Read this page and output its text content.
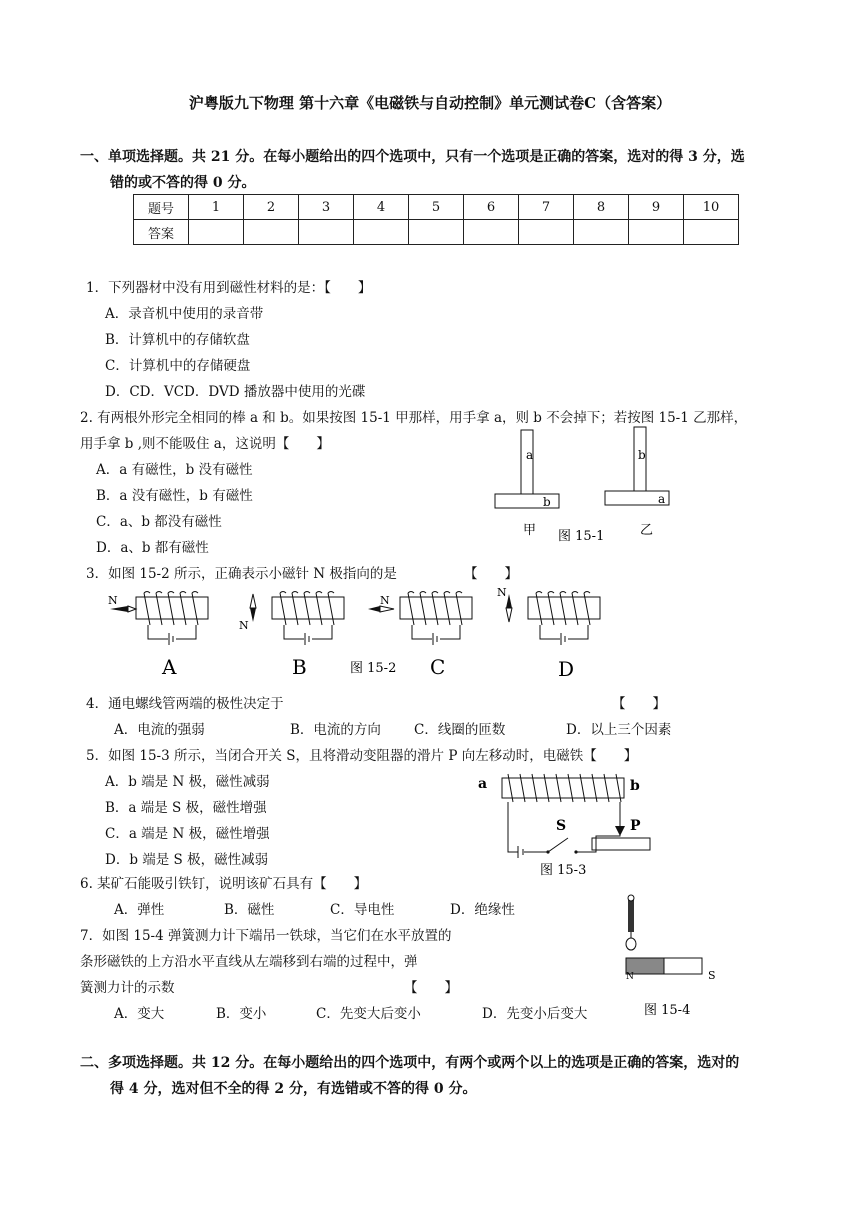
沪粤版九下物理 第十六章《电磁铁与自动控制》单元测试卷C（含答案）
一、单项选择题。共 21 分。在每小题给出的四个选项中，只有一个选项是正确的答案，选对的得 3 分，选
错的或不答的得 0 分。
题号	1	2	3	4	5	6	7	8	9	10
答案										
1．下列器材中没有用到磁性材料的是：【　　】
A．录音机中使用的录音带
B．计算机中的存储软盘
C．计算机中的存储硬盘
D．CD．VCD．DVD 播放器中使用的光碟
2. 有两根外形完全相同的棒 a 和 b。如果按图 15-1 甲那样，用手拿 a，则 b 不会掉下；若按图 15-1 乙那样，
用手拿 b ,则不能吸住 a，这说明【　　】
A．a 有磁性，b 没有磁性
B．a 没有磁性，b 有磁性
C．a、b 都没有磁性
D．a、b 都有磁性
a
b
b
a
甲	乙
图 15-1
3．如图 15-2 所示，正确表示小磁针 N 极指向的是	【　　】
N
N
N
N
A	B	图 15-2 C	D
4．通电螺线管两端的极性决定于	【　　】
A．电流的强弱	B．电流的方向 C．线圈的匝数	D．以上三个因素
5．如图 15-3 所示，当闭合开关 S，且将滑动变阻器的滑片 P 向左移动时，电磁铁【　　】
A．b 端是 N 极，磁性减弱
B．a 端是 S 极，磁性增强
C．a 端是 N 极，磁性增强
D．b 端是 S 极，磁性减弱
a	b
S	P
图 15-3
6. 某矿石能吸引铁钉，说明该矿石具有【　　】
A．弹性	B．磁性	C．导电性	D．绝缘性
7．如图 15-4 弹簧测力计下端吊一铁球，当它们在水平放置的
条形磁铁的上方沿水平直线从左端移到右端的过程中，弹
簧测力计的示数	【　　】
A．变大	B．变小	C．先变大后变小	D．先变小后变大
N	S
图 15-4
二、多项选择题。共 12 分。在每小题给出的四个选项中，有两个或两个以上的选项是正确的答案，选对的
得 4 分，选对但不全的得 2 分，有选错或不答的得 0 分。
